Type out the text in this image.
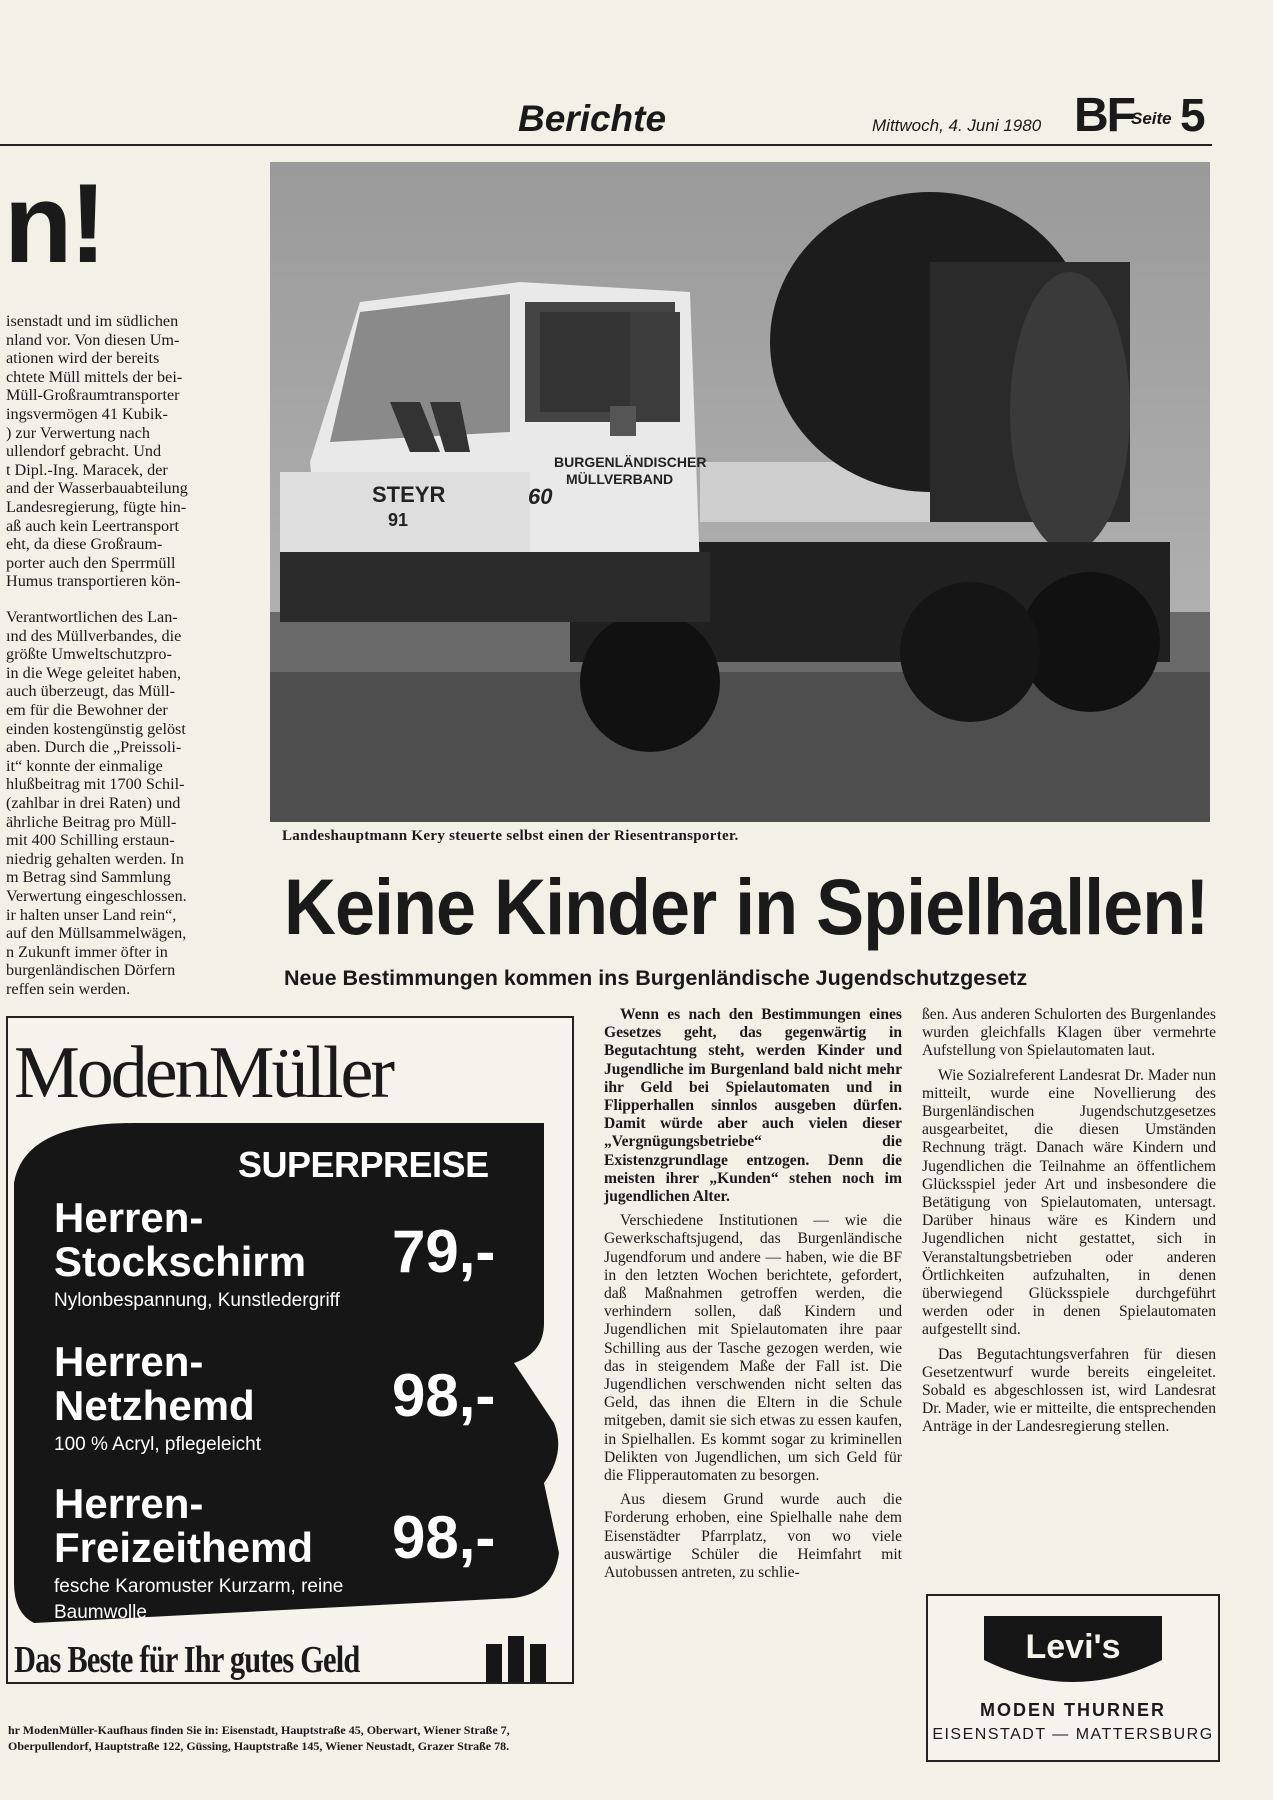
Berichte	Mittwoch, 4. Juni 1980 BF
Seite 5
n!
isenstadt und im südlichen
nland vor. Von diesen Um-
ationen wird der bereits
chtete Müll mittels der bei-
Müll-Großraumtransporter
ingsvermögen 41 Kubik-
) zur Verwertung nach
ullendorf gebracht. Und
t Dipl.-Ing. Maracek, der
and der Wasserbauabteilung
Landesregierung, fügte hin-
aß auch kein Leertransport
eht, da diese Großraum-
porter auch den Sperrmüll
Humus transportieren kön-
Verantwortlichen des Lan-
ınd des Müllverbandes, die
größte Umweltschutzpro-
in die Wege geleitet haben,
auch überzeugt, das Müll-
em für die Bewohner der
einden kostengünstig gelöst
aben. Durch die „Preissoli-
it“ konnte der einmalige
hlußbeitrag mit 1700 Schil-
(zahlbar in drei Raten) und
ährliche Beitrag pro Müll-
mit 400 Schilling erstaun-
niedrig gehalten werden. In
m Betrag sind Sammlung
Verwertung eingeschlossen.
ir halten unser Land rein“,
auf den Müllsammelwägen,
n Zukunft immer öfter in
burgenländischen Dörfern
reffen sein werden.
BURGENLÄNDISCHER
MÜLLVERBAND
STEYR
91
60
Landeshauptmann Kery steuerte selbst einen der Riesentransporter.
Keine Kinder in Spielhallen!
Neue Bestimmungen kommen ins Burgenländische Jugendschutzgesetz

Wenn es nach den Bestimmungen eines Gesetzes geht, das gegenwärtig in Begutachtung steht, werden Kinder und Jugendliche im Burgenland bald nicht mehr ihr Geld bei Spielautomaten und in Flipperhallen sinnlos ausgeben dürfen. Damit würde aber auch vielen dieser „Vergnügungsbetriebe“ die Existenzgrundlage entzogen. Denn die meisten ihrer „Kunden“ stehen noch im jugendlichen Alter.

Verschiedene Institutionen — wie die Gewerkschaftsjugend, das Burgenländische Jugendforum und andere — haben, wie die BF in den letzten Wochen berichtete, gefordert, daß Maßnahmen getroffen werden, die verhindern sollen, daß Kindern und Jugendlichen mit Spielautomaten ihre paar Schilling aus der Tasche gezogen werden, wie das in steigendem Maße der Fall ist. Die Jugendlichen verschwenden nicht selten das Geld, das ihnen die Eltern in die Schule mitgeben, damit sie sich etwas zu essen kaufen, in Spielhallen. Es kommt sogar zu kriminellen Delikten von Jugendlichen, um sich Geld für die Flipperautomaten zu besorgen.

Aus diesem Grund wurde auch die Forderung erhoben, eine Spielhalle nahe dem Eisenstädter Pfarrplatz, von wo viele auswärtige Schüler die Heimfahrt mit Autobussen antreten, zu schlie-

ßen. Aus anderen Schulorten des Burgenlandes wurden gleichfalls Klagen über vermehrte Aufstellung von Spielautomaten laut.

Wie Sozialreferent Landesrat Dr. Mader nun mitteilt, wurde eine Novellierung des Burgenländischen Jugendschutzgesetzes ausgearbeitet, die diesen Umständen Rechnung trägt. Danach wäre Kindern und Jugendlichen die Teilnahme an öffentlichem Glücksspiel jeder Art und insbesondere die Betätigung von Spielautomaten, untersagt. Darüber hinaus wäre es Kindern und Jugendlichen nicht gestattet, sich in Veranstaltungsbetrieben oder anderen Örtlichkeiten aufzuhalten, in denen überwiegend Glücksspiele durchgeführt werden oder in denen Spielautomaten aufgestellt sind.

Das Begutachtungsverfahren für diesen Gesetzentwurf wurde bereits eingeleitet. Sobald es abgeschlossen ist, wird Landesrat Dr. Mader, wie er mitteilte, die entsprechenden Anträge in der Landesregierung stellen.

ModenMüller
SUPERPREISE
Herren-
Stockschirm 79,-
Nylonbespannung, Kunstledergriff
Herren-
Netzhemd 98,-
100 % Acryl, pflegeleicht
Herren-
Freizeithemd 98,-
fesche Karomuster Kurzarm, reine
Baumwolle
Das Beste für Ihr gutes Geld
hr ModenMüller-Kaufhaus finden Sie in: Eisenstadt, Hauptstraße 45, Oberwart, Wiener Straße 7,
Oberpullendorf, Hauptstraße 122, Güssing, Hauptstraße 145, Wiener Neustadt, Grazer Straße 78.
Levi's
MODEN THURNER
EISENSTADT — MATTERSBURG
